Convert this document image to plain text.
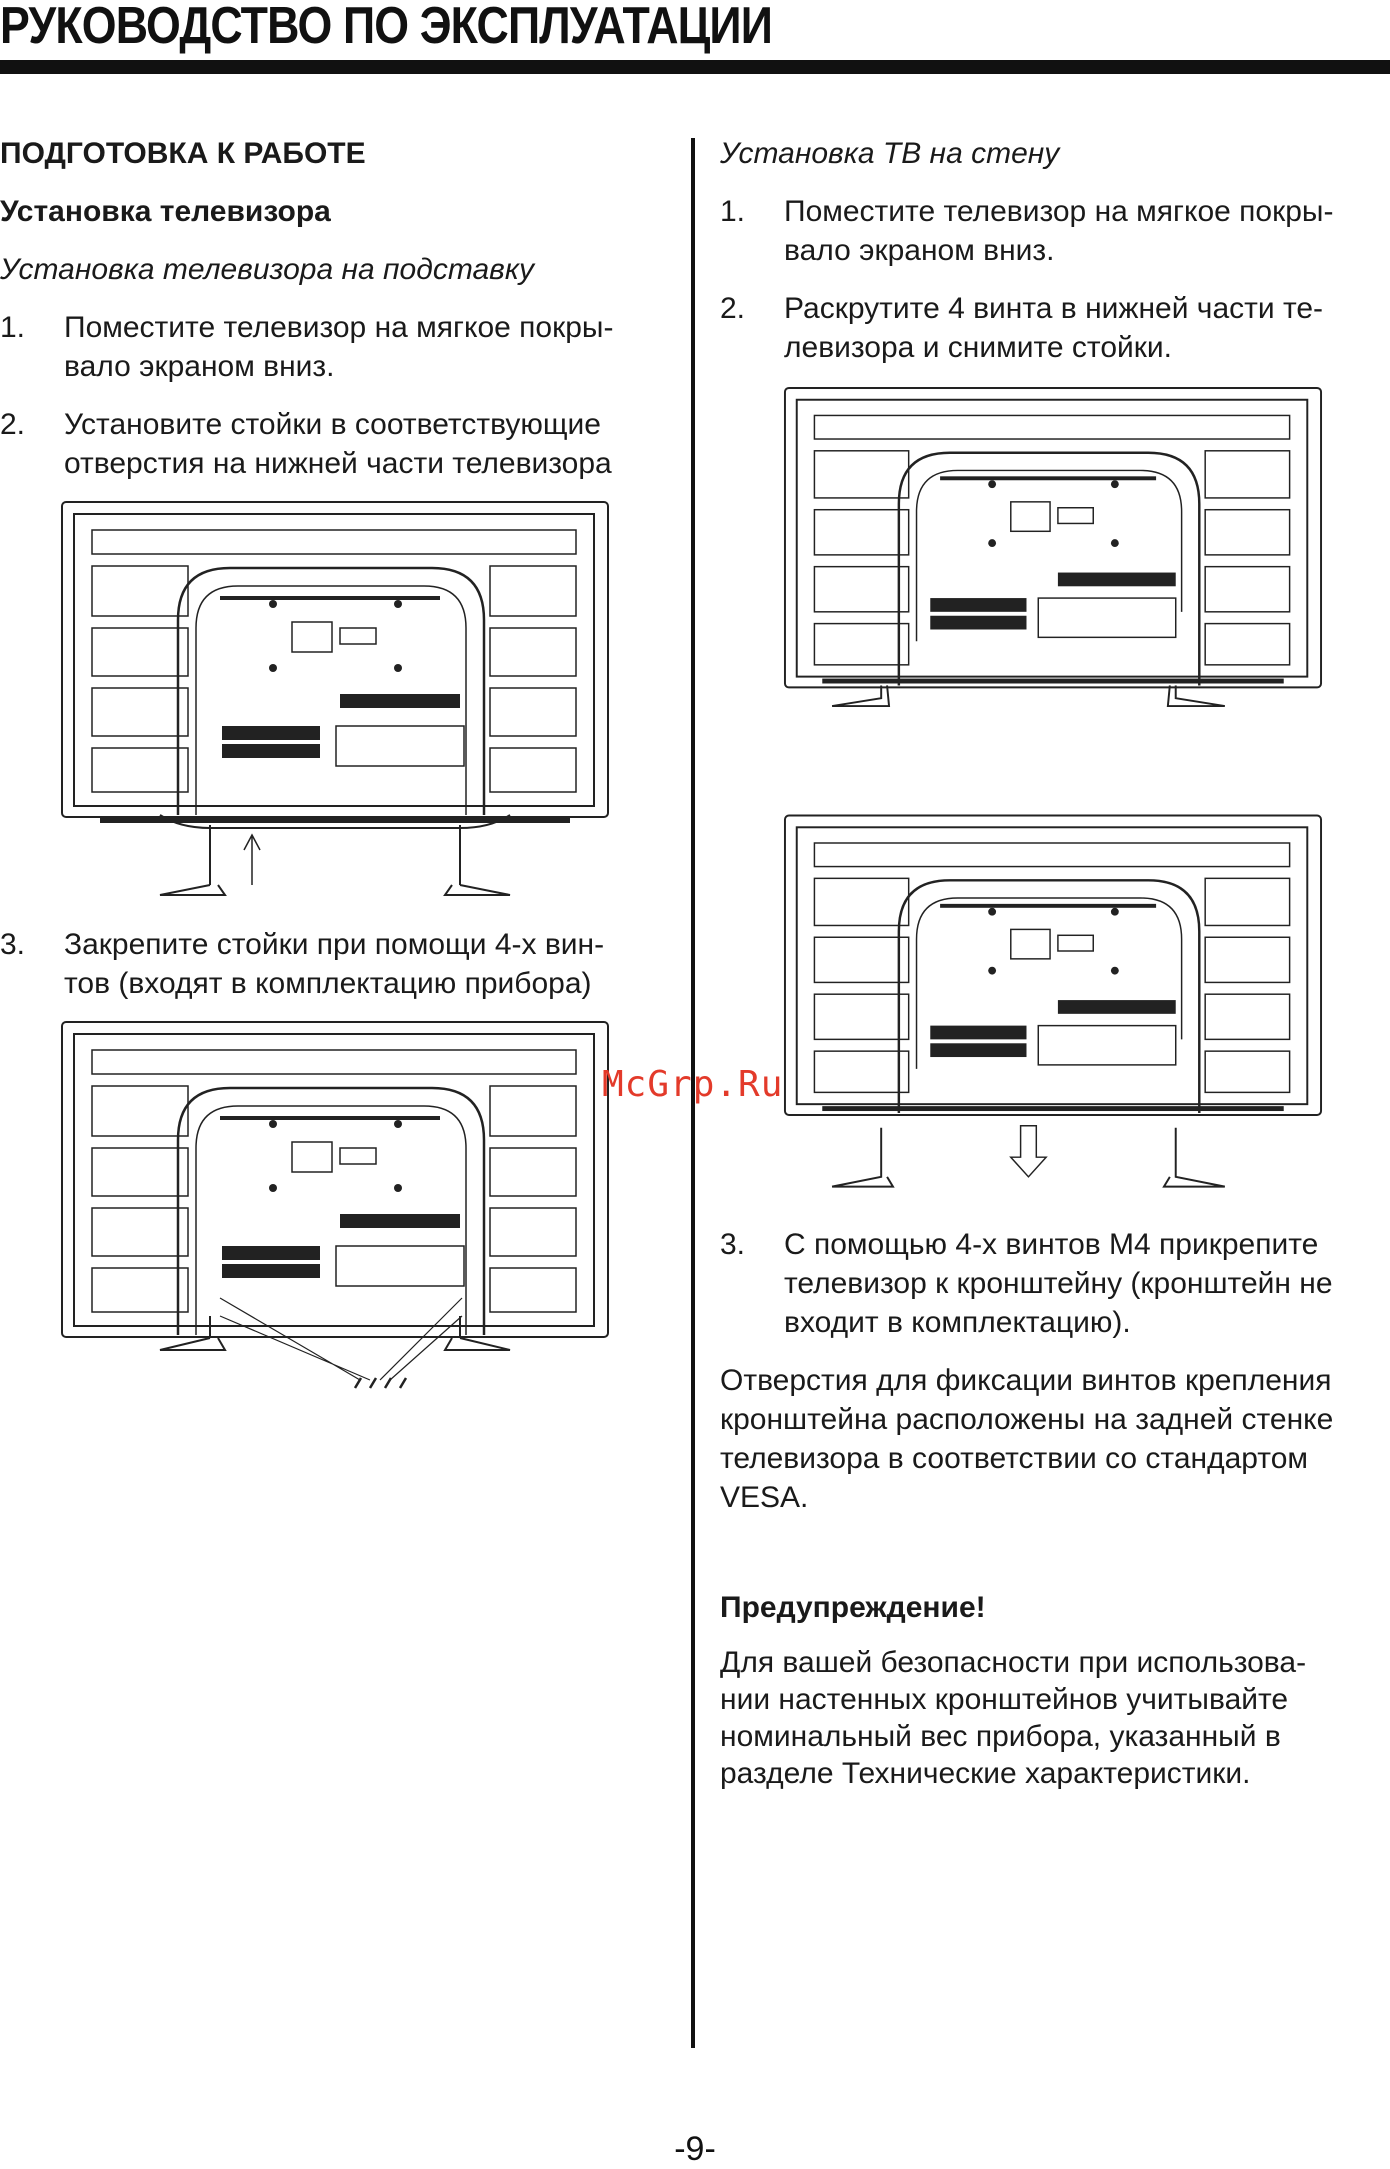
РУКОВОДСТВО ПО ЭКСПЛУАТАЦИИ
ПОДГОТОВКА К РАБОТЕ
Установка телевизора
Установка телевизора на подставку
1. Поместите телевизор на мягкое покры-
вало экраном вниз.
2. Установите стойки в соответствующие
отверстия на нижней части телевизора
3. Закрепите стойки при помощи 4-х вин-
тов (входят в комплектацию прибора)
Установка ТВ на стену
1. Поместите телевизор на мягкое покры-
вало экраном вниз.
2. Раскрутите 4 винта в нижней части те-
левизора и снимите стойки.
3. С помощью 4-х винтов М4 прикрепите
телевизор к кронштейну (кронштейн не
входит в комплектацию).
Отверстия для фиксации винтов крепления
кронштейна расположены на задней стенке
телевизора в соответствии со стандартом
VESA.
Предупреждение!
Для вашей безопасности при использова-
нии настенных кронштейнов учитывайте
номинальный вес прибора, указанный в
разделе Технические характеристики.
McGrp.Ru
-9-
